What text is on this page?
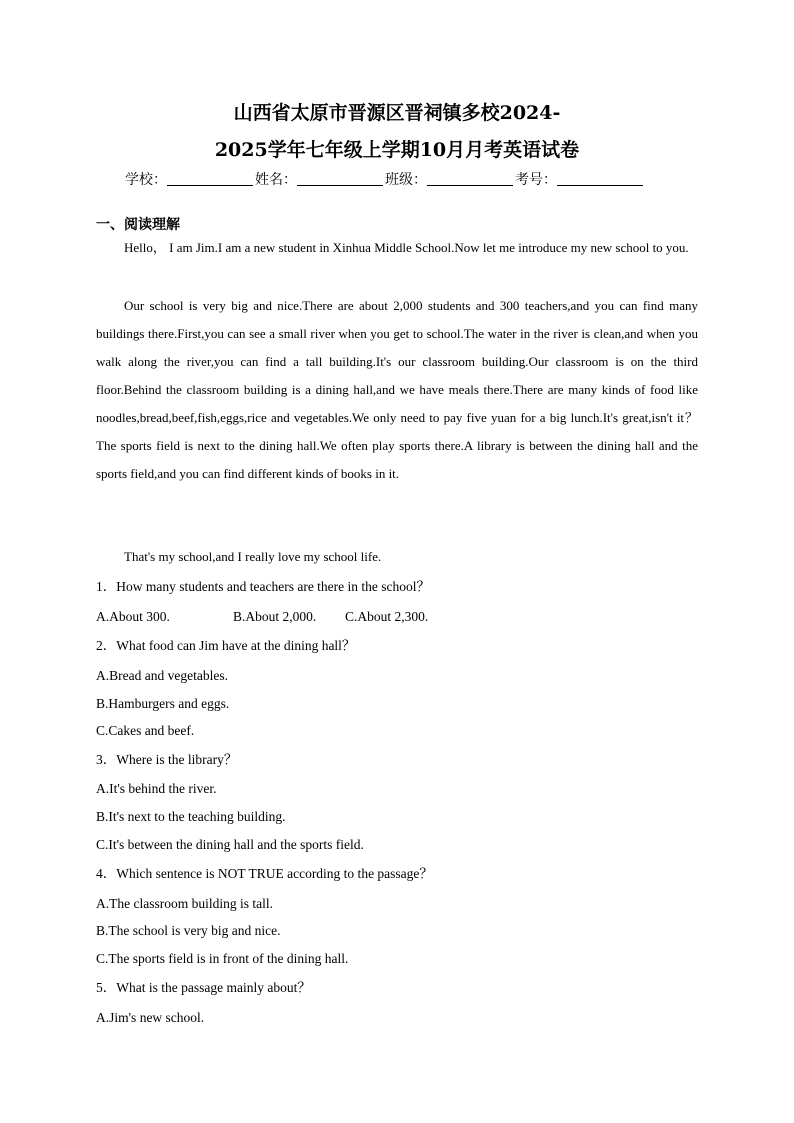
山西省太原市晋源区晋祠镇多校2024-
2025学年七年级上学期10月月考英语试卷
学校：	姓名：	班级：	考号：
一、阅读理解
Hello， I am Jim.I am a new student in Xinhua Middle School.Now let me introduce my new school to you.
Our school is very big and nice.There are about 2,000 students and 300 teachers,and you can find many buildings there.First,you can see a small river when you get to school.The water in the river is clean,and when you walk along the river,you can find a tall building.It's our classroom building.Our classroom is on the third floor.Behind the classroom building is a dining hall,and we have meals there.There are many kinds of food like noodles,bread,beef,fish,eggs,rice and vegetables.We only need to pay five yuan for a big lunch.It's great,isn't it？The sports field is next to the dining hall.We often play sports there.A library is between the dining hall and the sports field,and you can find different kinds of books in it.
That's my school,and I really love my school life.
1．How many students and teachers are there in the school？
A.About 300.	B.About 2,000. C.About 2,300.
2．What food can Jim have at the dining hall？
A.Bread and vegetables.
B.Hamburgers and eggs.
C.Cakes and beef.
3．Where is the library？
A.It's behind the river.
B.It's next to the teaching building.
C.It's between the dining hall and the sports field.
4．Which sentence is NOT TRUE according to the passage？
A.The classroom building is tall.
B.The school is very big and nice.
C.The sports field is in front of the dining hall.
5．What is the passage mainly about？
A.Jim's new school.
